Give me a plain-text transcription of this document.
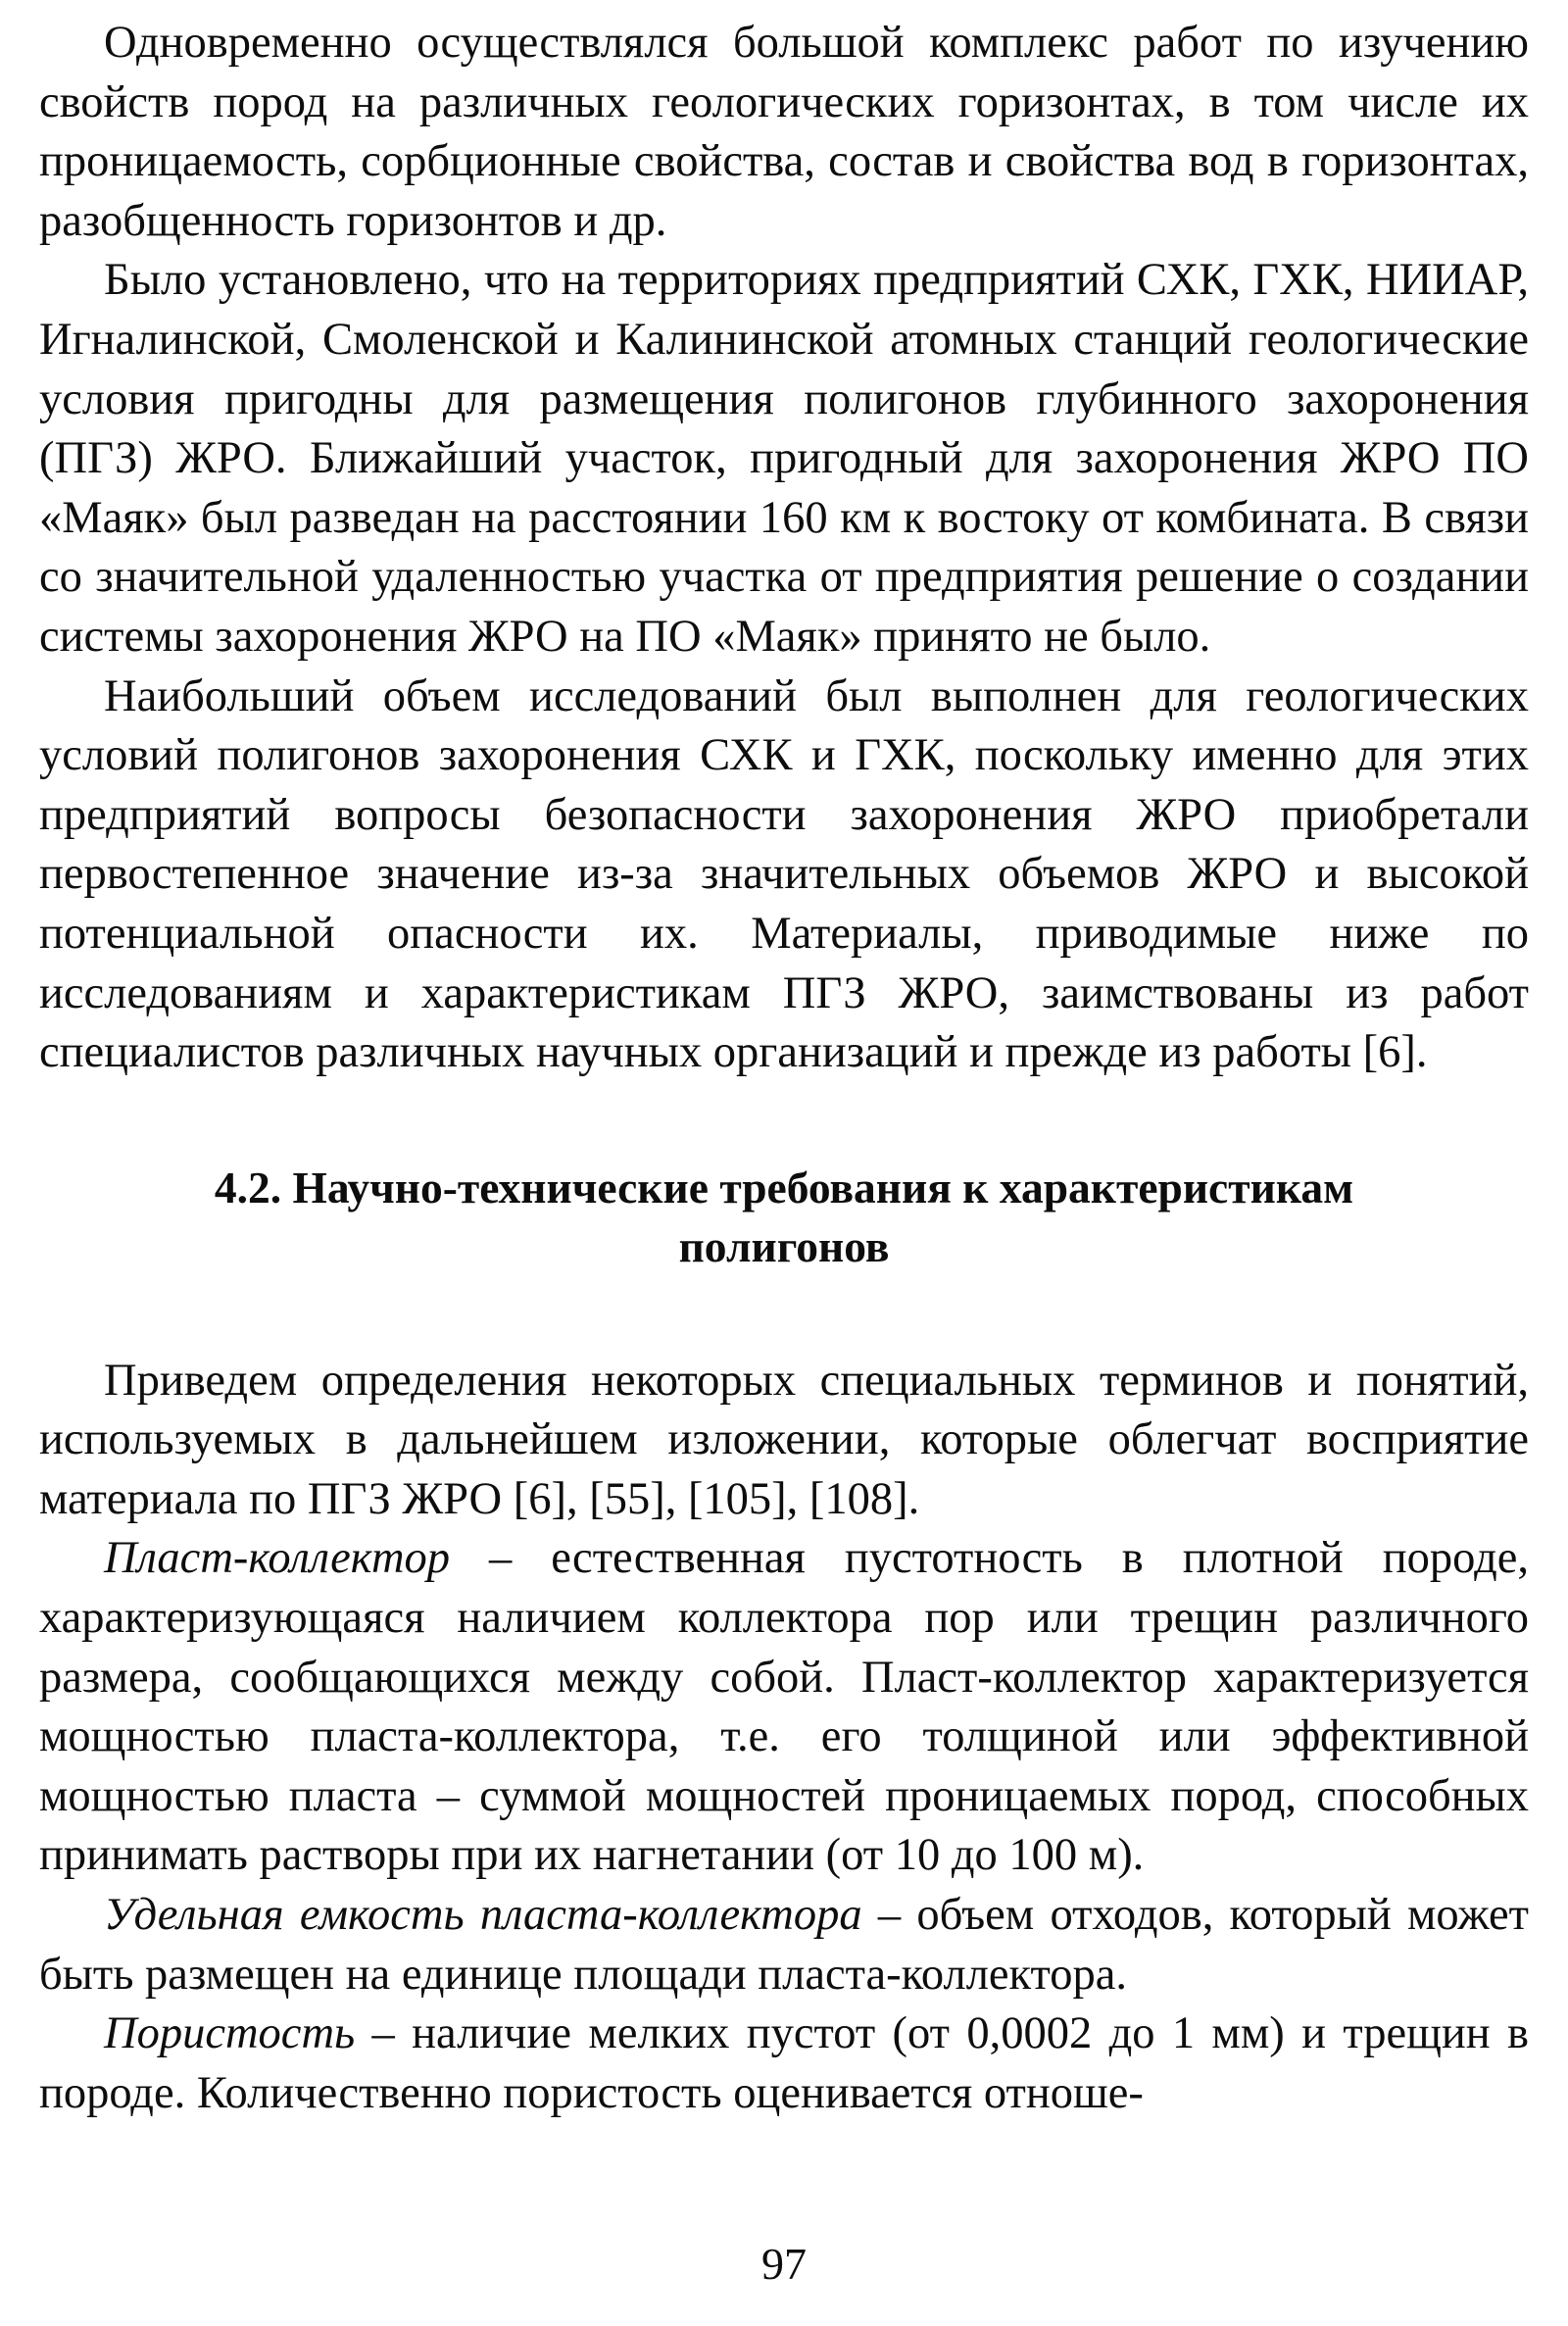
Одновременно осуществлялся большой комплекс работ по изучению свойств пород на различных геологических горизонтах, в том числе их проницаемость, сорбционные свойства, состав и свойства вод в горизонтах, разобщенность горизонтов и др.

Было установлено, что на территориях предприятий СХК, ГХК, НИИАР, Игналинской, Смоленской и Калининской атомных станций геологические условия пригодны для размещения полигонов глубинного захоронения (ПГЗ) ЖРО. Ближайший участок, пригодный для захоронения ЖРО ПО «Маяк» был разведан на расстоянии 160 км к востоку от комбината. В связи со значительной удаленностью участка от предприятия решение о создании системы захоронения ЖРО на ПО «Маяк» принято не было.

Наибольший объем исследований был выполнен для геологических условий полигонов захоронения СХК и ГХК, поскольку именно для этих предприятий вопросы безопасности захоронения ЖРО приобретали первостепенное значение из-за значительных объемов ЖРО и высокой потенциальной опасности их. Материалы, приводимые ниже по исследованиям и характеристикам ПГЗ ЖРО, заимствованы из работ специалистов различных научных организаций и прежде из работы [6].

4.2. Научно-технические требования к характеристикам
полигонов

Приведем определения некоторых специальных терминов и понятий, используемых в дальнейшем изложении, которые облегчат восприятие материала по ПГЗ ЖРО [6], [55], [105], [108].

Пласт-коллектор – естественная пустотность в плотной породе, характеризующаяся наличием коллектора пор или трещин различного размера, сообщающихся между собой. Пласт-коллектор характеризуется мощностью пласта-коллектора, т.е. его толщиной или эффективной мощностью пласта – суммой мощностей проницаемых пород, способных принимать растворы при их нагнетании (от 10 до 100 м).

Удельная емкость пласта-коллектора – объем отходов, который может быть размещен на единице площади пласта-коллектора.

Пористость – наличие мелких пустот (от 0,0002 до 1 мм) и трещин в породе. Количественно пористость оценивается отноше-

97
